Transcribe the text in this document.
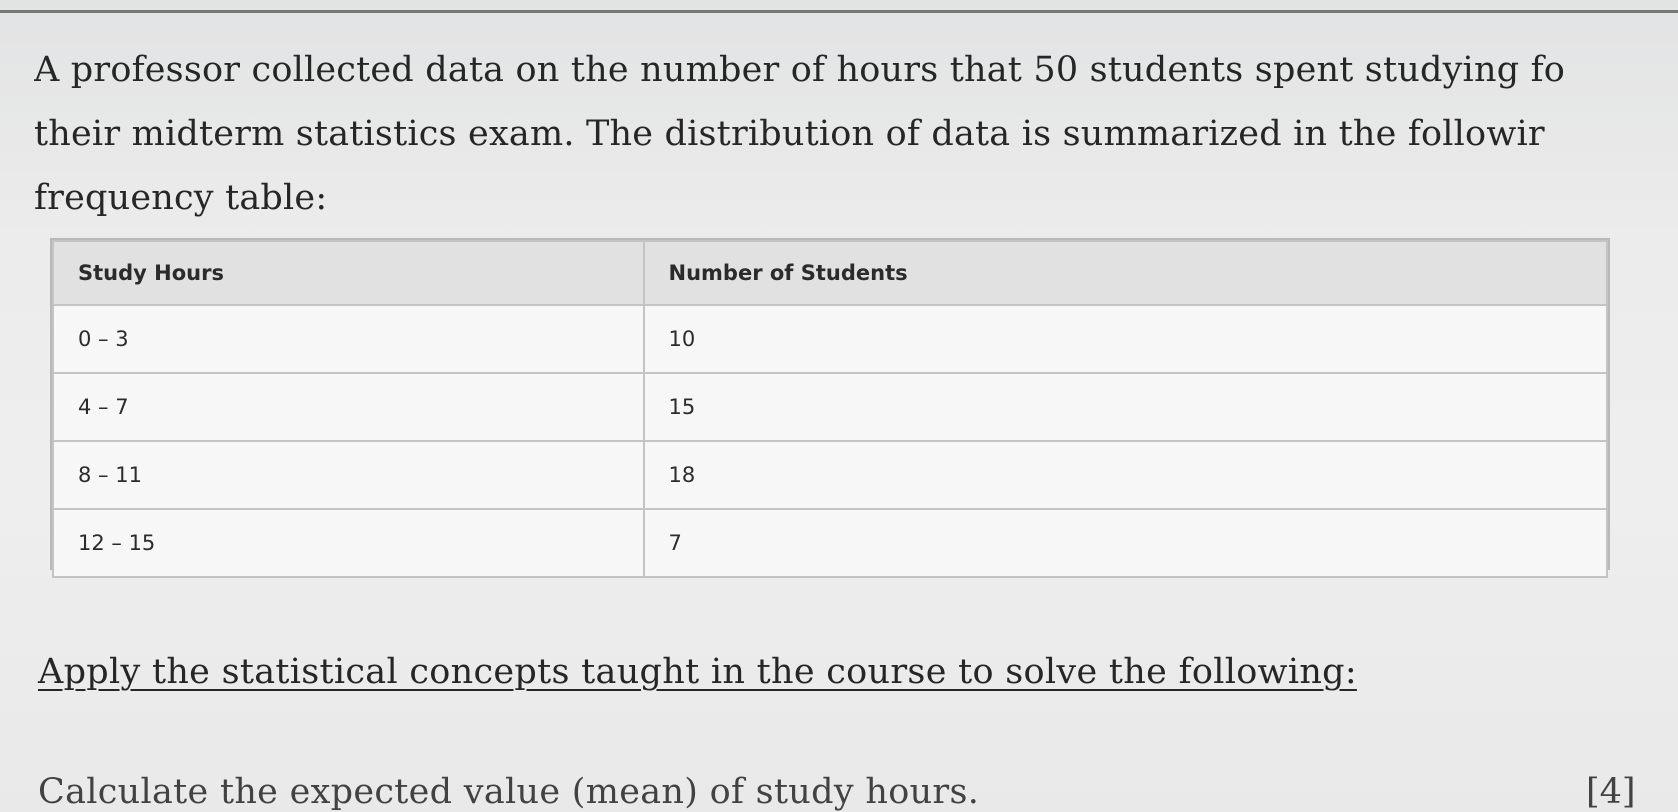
A professor collected data on the number of hours that 50 students spent studying fo
their midterm statistics exam. The distribution of data is summarized in the followir
frequency table:
Study Hours	Number of Students
0 – 3	10
4 – 7	15
8 – 11	18
12 – 15	7
Apply the statistical concepts taught in the course to solve the following:
Calculate the expected value (mean) of study hours.	[4]
